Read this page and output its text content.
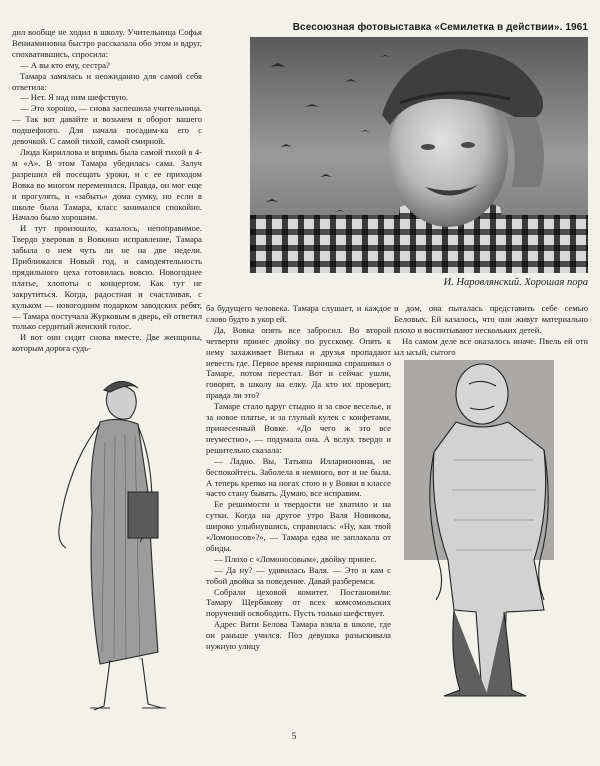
Всесоюзная фотовыставка «Семилетка в действии». 1961
И. Наровлянский. Хорошая пора

дил вообще не ходил в школу. Учительница Софья Вениаминовна быстро рассказала обо этом и вдруг, спохватившись, спросила:

— А вы кто ему, сестра?

Тамара замялась и неожиданно для самой себя ответила:

— Нет. Я над ним шефствую.

— Это хорошо, — снова заспешила учительница. — Так вот давайте и возьмем в оборот вашего подшефного. Для начала посадим-ка его с девочкой. С самой тихой, самой смирной.

Люда Кириллова и впрямь была самой тихой в 4-м «А». В этом Тамара убедилась сама. Залуч разрешил ей посещать уроки, и с ее приходом Вовка во многом переменился. Правда, он мог еще и прогулять, и «забыть» дома сумку, но если в школе была Тамара, класс занимался спокойно. Начало было хорошим.

И тут произошло, казалось, непоправимое. Твердо уверовав в Вовкино исправление, Тамара забыла о нем чуть ли не на две недели. Приближался Новый год, и самодеятельность прядильного цеха готовилась вовсю. Новогоднее платье, хлопоты с концертом. Как тут не закрутиться. Когда, радостная и счастливая, с кульком — новогодним подарком заводских ребят, — Тамара постучала Журковым в дверь, ей ответил только сердитый женский голос.

И вот они сидят снова вместе. Две женщины, которым дорога судь-

ба будущего человека. Тамара слушает, и каждое слово будто в укор ей.

Да, Вовка опять все забросил. Во второй четверти принес двойку по русскому. Опять к нему захаживает Витька и друзья пропадают невесть где. Первое время парнишка спрашивал о Тамаре, потом перестал. Вот и сейчас ушли, говорят, в школу на елку. Да кто их проверит, правда ли это?

Тамаре стало вдруг стыдно и за свое веселье, и за новое платье, и за глупый кулек с конфетами, принесенный Вовке. «До чего ж это все неуместно», — подумала она. А вслух твердо и решительно сказала:

— Ладно. Вы, Татьяна Илларионовна, не беспокойтесь. Заболела я немного, вот и не была. А теперь крепко на ногах стою и у Вовки в классе часто стану бывать. Думаю, все исправим.

Ее решимости и твердости не хватило и на сутки. Когда на другое утро Валя Новикова, широко улыбнувшись, справилась: «Ну, как твой «Ломоносов»?», — Тамара едва не заплакала от обиды.

— Плохо с «Ломоносовым», двойку принес.

— Да ну? — удивилась Валя. — Это и кам с тобой двойка за поведение. Давай разберемся.

Собрали цеховой комитет. Постановили: Тамару Щербакову от всех комсомольских поручений освободить. Пусть только шефствует.

Адрес Вити Белова Тамара взяла в школе, где он раньше учился. Поэ девушка разыскивала нужную улицу

и дом, она пыталась представить себе семью Беловых. Ей казалось, что они живут материально плохо и воспитывают нескольких детей.

На самом деле все оказалось иначе. Пвель ей отн ыл ысый, сытого

5
